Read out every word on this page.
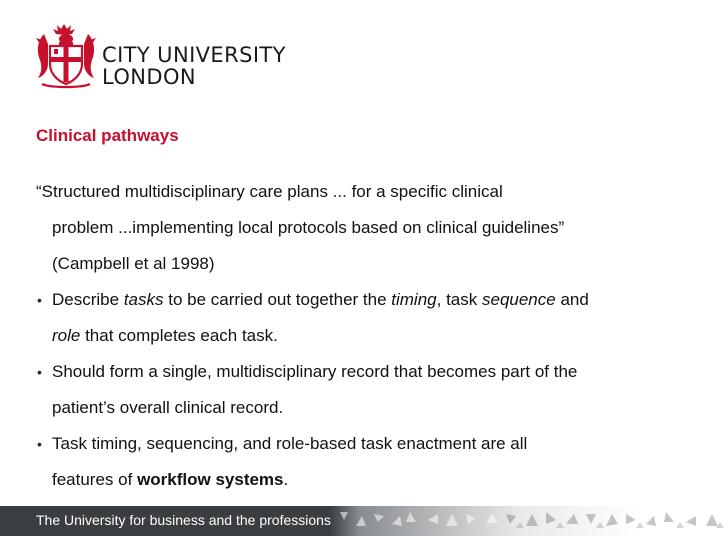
CITY UNIVERSITY
LONDON
Clinical pathways
“Structured multidisciplinary care plans ... for a specific clinical
problem ...implementing local protocols based on clinical guidelines”
(Campbell et al 1998)
• Describe tasks to be carried out together the timing, task sequence and
role that completes each task.
• Should form a single, multidisciplinary record that becomes part of the
patient’s overall clinical record.
• Task timing, sequencing, and role-based task enactment are all
features of workflow systems.
The University for business and the professions
